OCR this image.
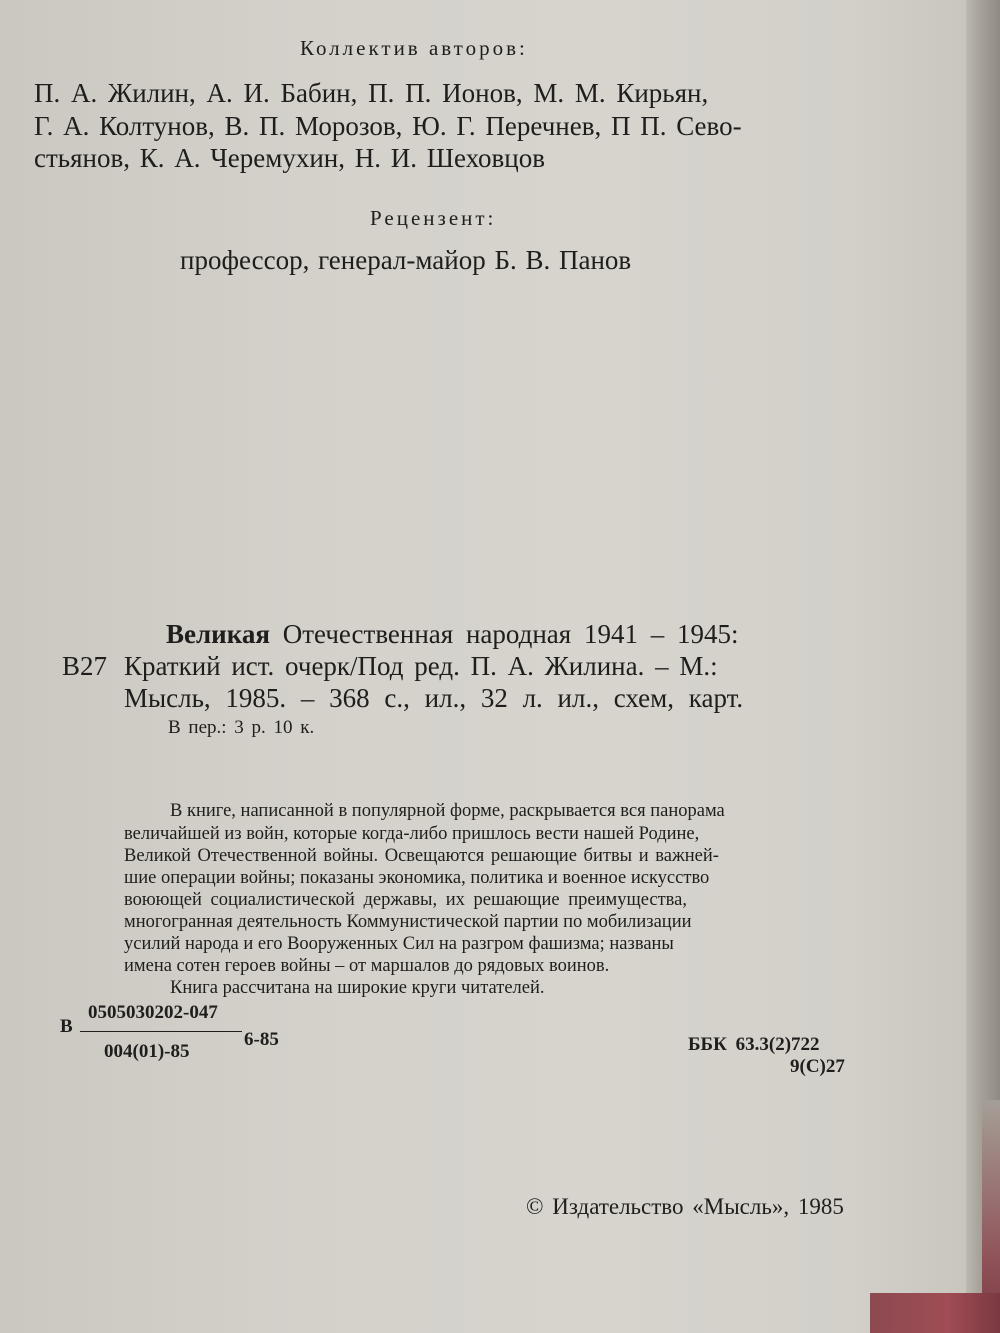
Коллектив авторов:
П. А. Жилин, А. И. Бабин, П. П. Ионов, М. М. Кирьян,
Г. А. Колтунов, В. П. Морозов, Ю. Г. Перечнев, П П. Сево-
стьянов, К. А. Черемухин, Н. И. Шеховцов
Рецензент:
профессор, генерал-майор Б. В. Панов
Великая Отечественная народная 1941 – 1945:
В27 Краткий ист. очерк/Под ред. П. А. Жилина. – М.:
Мысль, 1985. – 368 с., ил., 32 л. ил., схем, карт.
В пер.: 3 р. 10 к.
В книге, написанной в популярной форме, раскрывается вся панорама
величайшей из войн, которые когда-либо пришлось вести нашей Родине,
Великой Отечественной войны. Освещаются решающие битвы и важней-
шие операции войны; показаны экономика, политика и военное искусство
воюющей социалистической державы, их решающие преимущества,
многогранная деятельность Коммунистической партии по мобилизации
усилий народа и его Вооруженных Сил на разгром фашизма; названы
имена сотен героев войны – от маршалов до рядовых воинов.
Книга рассчитана на широкие круги читателей.
В
0505030202-047
004(01)-85
6-85	ББК 63.3(2)722
9(С)27
© Издательство «Мысль», 1985
